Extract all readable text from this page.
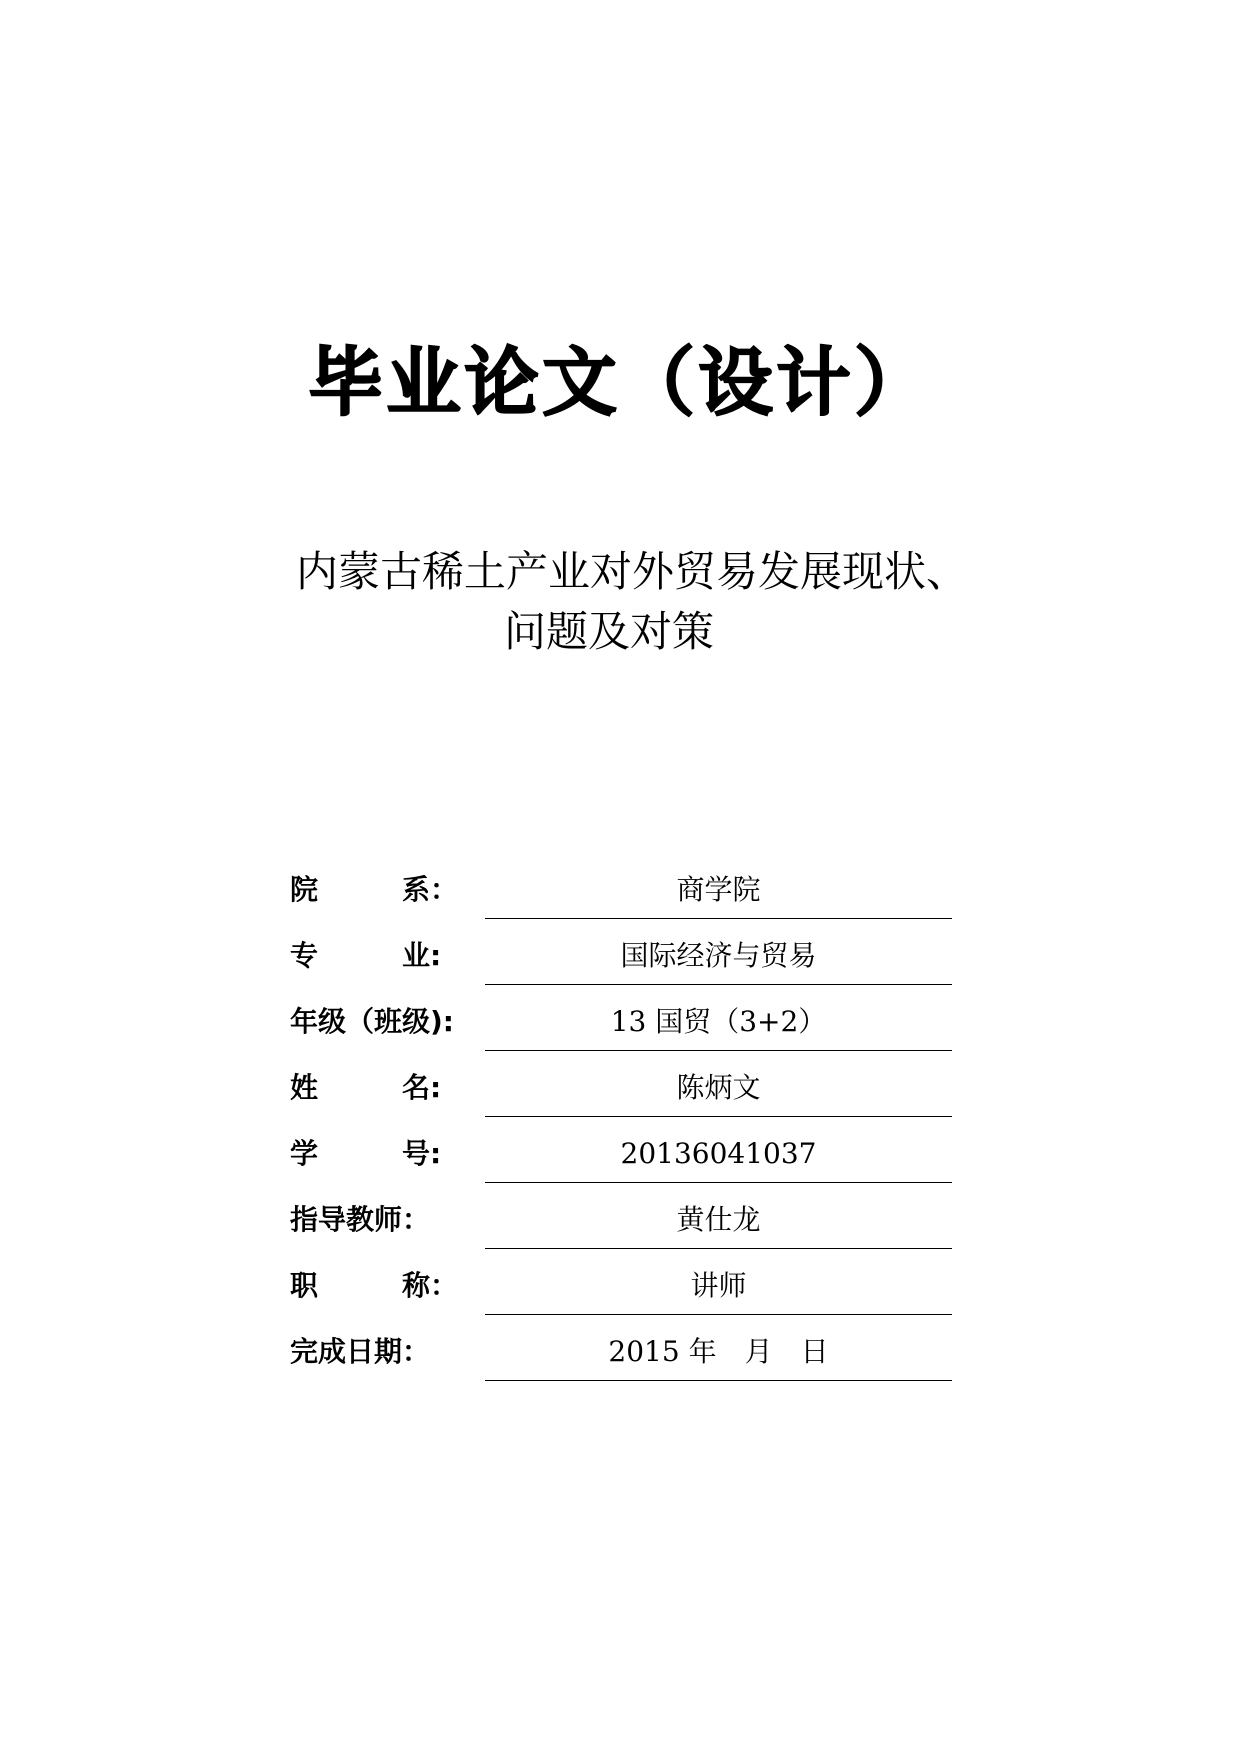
毕业论文（设计）
内蒙古稀土产业对外贸易发展现状、
问题及对策
院　　　系：	商学院
专　　　业:	国际经济与贸易
年级（班级):	13 国贸（3+2）
姓　　　名:	陈炳文
学　　　号:	20136041037
指导教师：	黄仕龙
职　　　称：	讲师
完成日期：	2015 年　月　日
